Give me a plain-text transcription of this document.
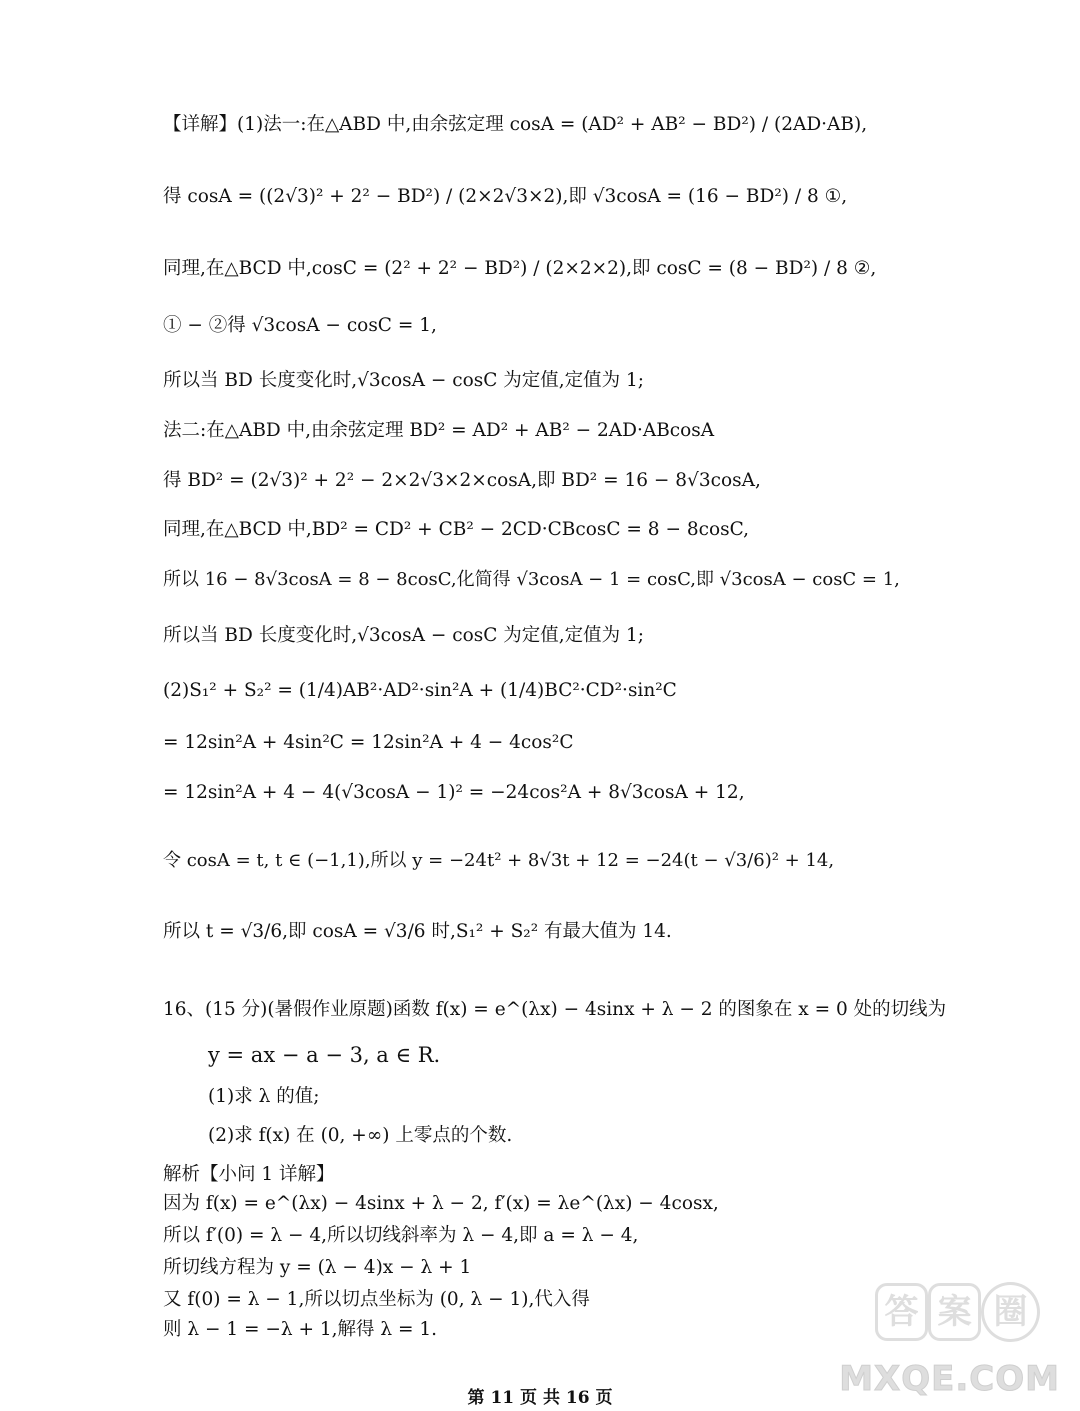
【详解】(1)法一:在△ABD 中,由余弦定理 cosA = (AD² + AB² − BD²) / (2AD·AB),
得 cosA = ((2√3)² + 2² − BD²) / (2×2√3×2),即 √3cosA = (16 − BD²) / 8 ①,
同理,在△BCD 中,cosC = (2² + 2² − BD²) / (2×2×2),即 cosC = (8 − BD²) / 8 ②,
① − ②得 √3cosA − cosC = 1,
所以当 BD 长度变化时,√3cosA − cosC 为定值,定值为 1;
法二:在△ABD 中,由余弦定理 BD² = AD² + AB² − 2AD·ABcosA
得 BD² = (2√3)² + 2² − 2×2√3×2×cosA,即 BD² = 16 − 8√3cosA,
同理,在△BCD 中,BD² = CD² + CB² − 2CD·CBcosC = 8 − 8cosC,
所以 16 − 8√3cosA = 8 − 8cosC,化简得 √3cosA − 1 = cosC,即 √3cosA − cosC = 1,
所以当 BD 长度变化时,√3cosA − cosC 为定值,定值为 1;
(2)S₁² + S₂² = (1/4)AB²·AD²·sin²A + (1/4)BC²·CD²·sin²C
= 12sin²A + 4sin²C = 12sin²A + 4 − 4cos²C
= 12sin²A + 4 − 4(√3cosA − 1)² = −24cos²A + 8√3cosA + 12,
令 cosA = t, t ∈ (−1,1),所以 y = −24t² + 8√3t + 12 = −24(t − √3/6)² + 14,
所以 t = √3/6,即 cosA = √3/6 时,S₁² + S₂² 有最大值为 14.
16、(15 分)(暑假作业原题)函数 f(x) = e^(λx) − 4sinx + λ − 2 的图象在 x = 0 处的切线为
y = ax − a − 3, a ∈ R.
(1)求 λ 的值;
(2)求 f(x) 在 (0, +∞) 上零点的个数.
解析【小问 1 详解】
因为 f(x) = e^(λx) − 4sinx + λ − 2, f′(x) = λe^(λx) − 4cosx,
所以 f′(0) = λ − 4,所以切线斜率为 λ − 4,即 a = λ − 4,
所切线方程为 y = (λ − 4)x − λ + 1
又 f(0) = λ − 1,所以切点坐标为 (0, λ − 1),代入得
则 λ − 1 = −λ + 1,解得 λ = 1.	答 案 圈
MXQE.COM
第 11 页 共 16 页
